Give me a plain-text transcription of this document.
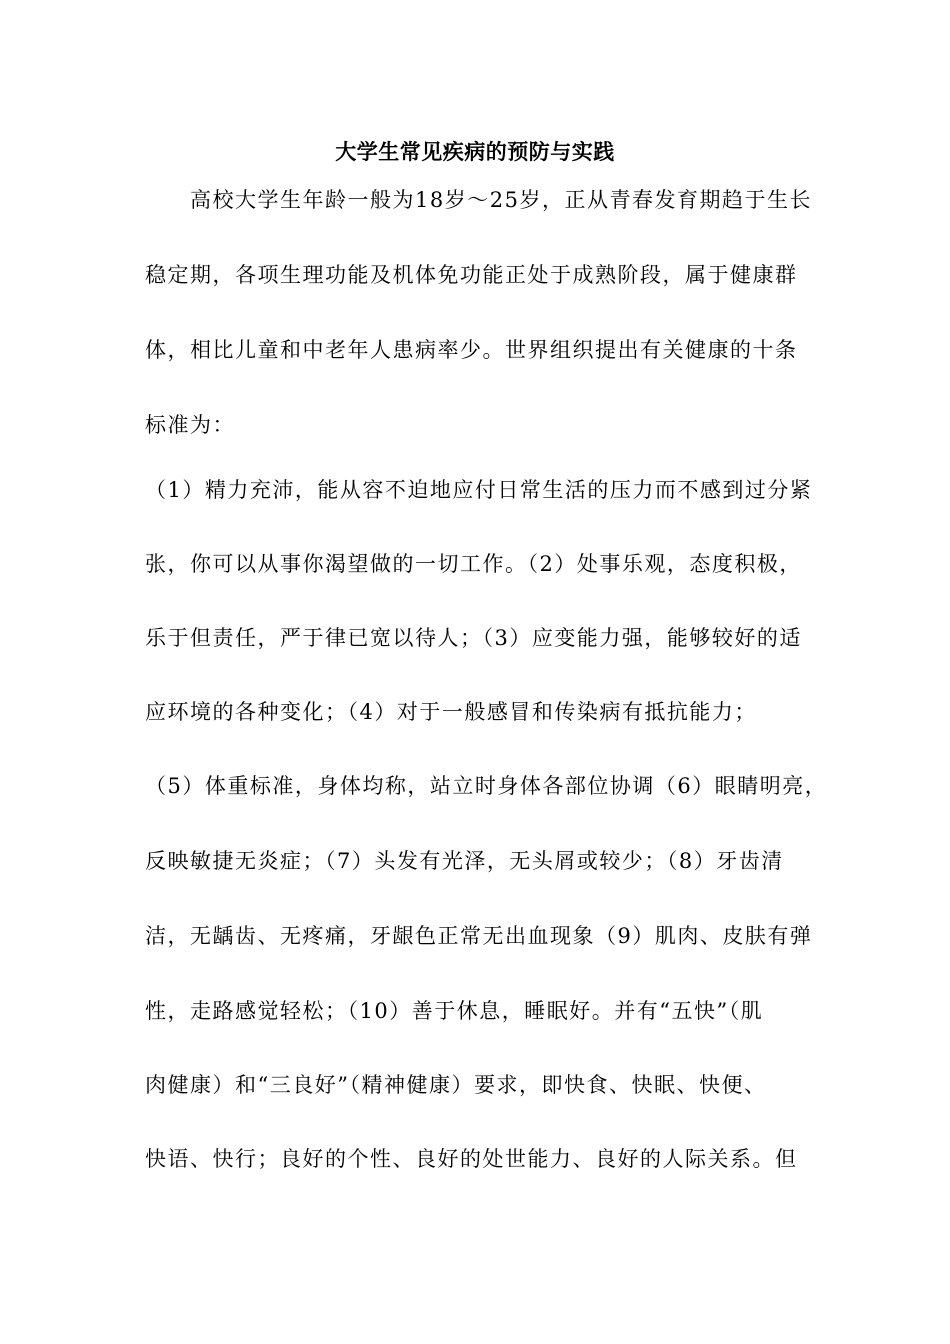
大学生常见疾病的预防与实践
　　高校大学生年龄一般为18岁～25岁，正从青春发育期趋于生长
稳定期，各项生理功能及机体免功能正处于成熟阶段，属于健康群
体，相比儿童和中老年人患病率少。世界组织提出有关健康的十条
标准为：
（1）精力充沛，能从容不迫地应付日常生活的压力而不感到过分紧
张，你可以从事你渴望做的一切工作。（2）处事乐观，态度积极，
乐于但责任，严于律已宽以待人；（3）应变能力强，能够较好的适
应环境的各种变化；（4）对于一般感冒和传染病有抵抗能力；
（5）体重标准，身体均称，站立时身体各部位协调（6）眼睛明亮，
反映敏捷无炎症；（7）头发有光泽，无头屑或较少；（8）牙齿清
洁，无龋齿、无疼痛，牙龈色正常无出血现象（9）肌肉、皮肤有弹
性，走路感觉轻松；（10）善于休息，睡眠好。并有“五快”（肌
肉健康）和“三良好”（精神健康）要求，即快食、快眠、快便、
快语、快行；良好的个性、良好的处世能力、良好的人际关系。但
